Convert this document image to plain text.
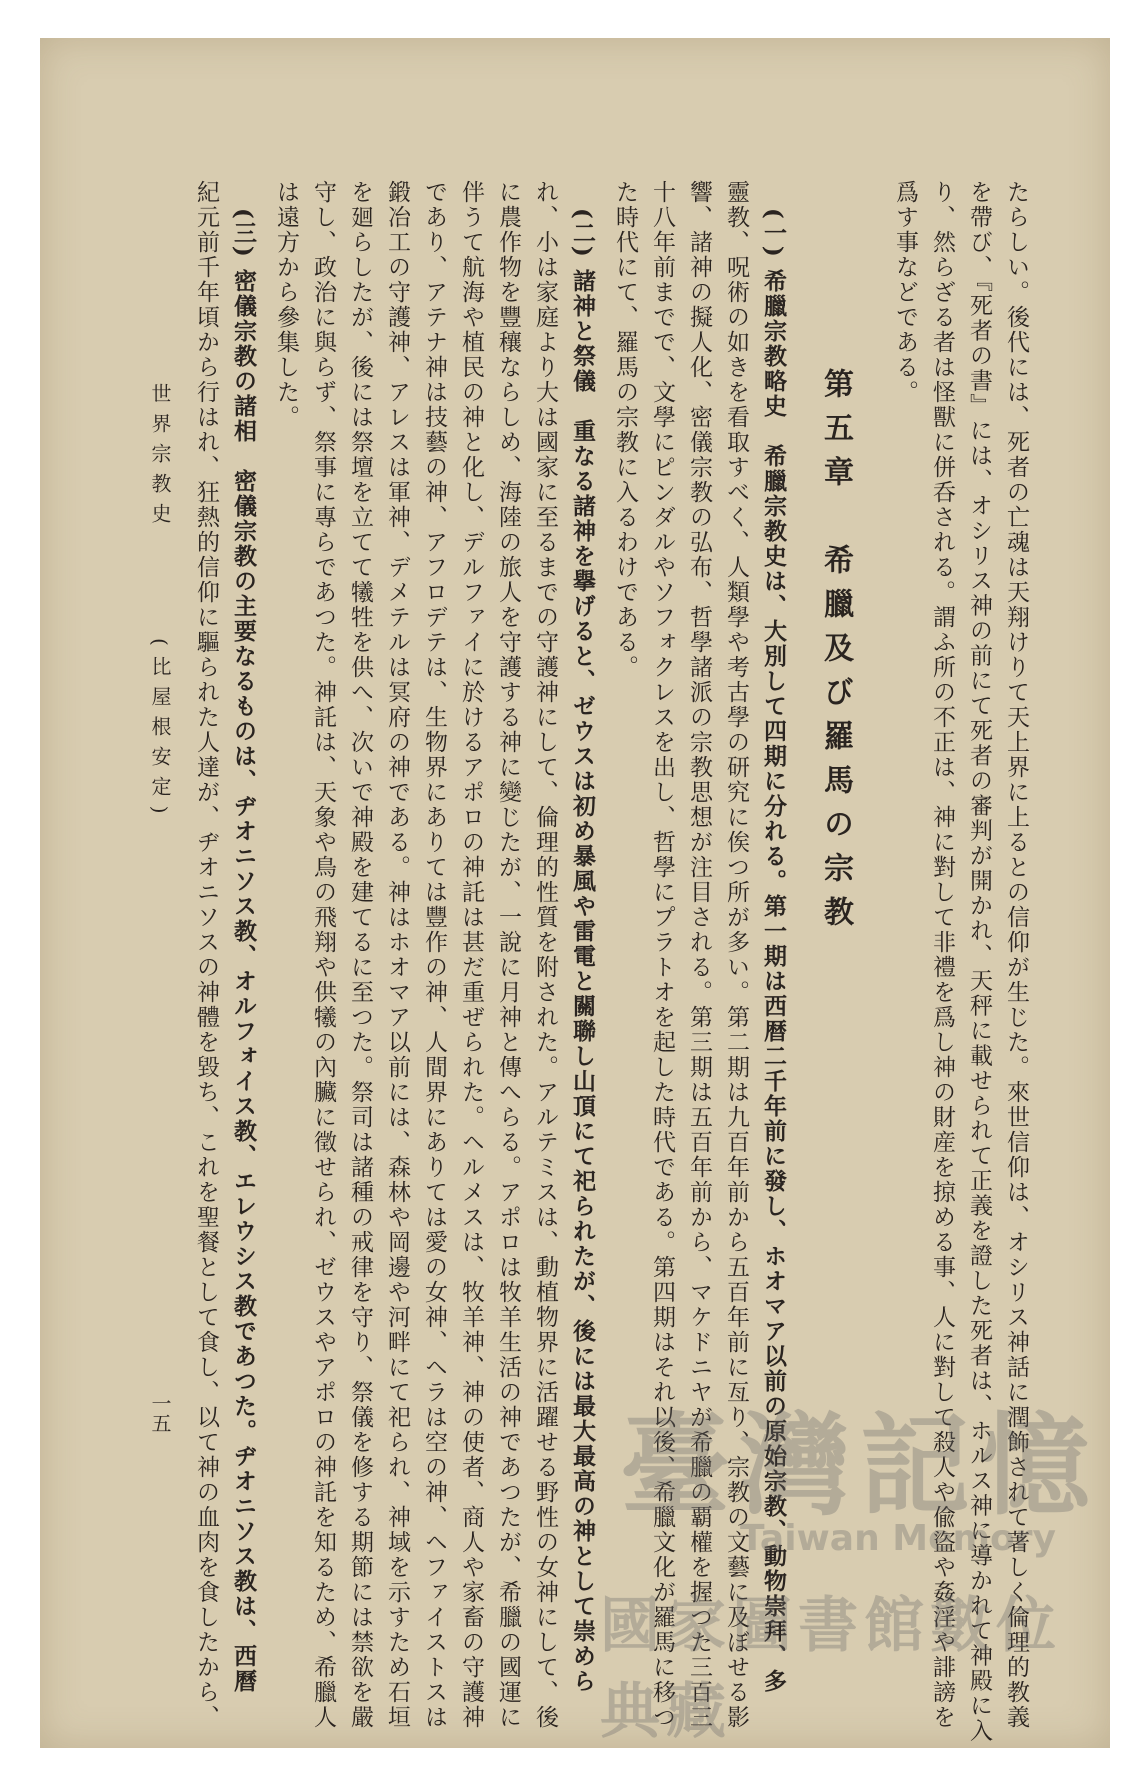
たらしい。後代には、死者の亡魂は天翔けりて天上界に上るとの信仰が生じた。來世信仰は、オシリス神話に潤飾されて著しく倫理的教義
を帶び、『死者の書』には、オシリス神の前にて死者の審判が開かれ、天秤に載せられて正義を證した死者は、ホルス神に導かれて神殿に入
り、然らざる者は怪獸に併呑される。謂ふ所の不正は、神に對して非禮を爲し神の財産を掠める事、人に對して殺人や偸盜や姦淫や誹謗を
爲す事などである。
第五章　希臘及び羅馬の宗教
(一) 希臘宗教略史　希臘宗教史は、大別して四期に分れる。第一期は西暦二千年前に發し、ホオマア以前の原始宗教、動物崇拜、多
靈教、呪術の如きを看取すべく、人類學や考古學の研究に俟つ所が多い。第二期は九百年前から五百年前に亙り、宗教の文藝に及ぼせる影
響、諸神の擬人化、密儀宗教の弘布、哲學諸派の宗教思想が注目される。第三期は五百年前から、マケドニヤが希臘の覇權を握つた三百三
十八年前までで、文學にピンダルやソフォクレスを出し、哲學にプラトオを起した時代である。第四期はそれ以後、希臘文化が羅馬に移つ
た時代にて、羅馬の宗教に入るわけである。
(二) 諸神と祭儀　重なる諸神を擧げると、ゼウスは初め暴風や雷電と關聯し山頂にて祀られたが、後には最大最高の神として崇めら
れ、小は家庭より大は國家に至るまでの守護神にして、倫理的性質を附された。アルテミスは、動植物界に活躍せる野性の女神にして、後
に農作物を豐穰ならしめ、海陸の旅人を守護する神に變じたが、一說に月神と傳へらる。アポロは牧羊生活の神であつたが、希臘の國運に
伴うて航海や植民の神と化し、デルファイに於けるアポロの神託は甚だ重ぜられた。ヘルメスは、牧羊神、神の使者、商人や家畜の守護神
であり、アテナ神は技藝の神、アフロデテは、生物界にありては豐作の神、人間界にありては愛の女神、ヘラは空の神、ヘファイストスは
鍛冶工の守護神、アレスは軍神、デメテルは冥府の神である。神はホオマア以前には、森林や岡邊や河畔にて祀られ、神域を示すため石垣
を廻らしたが、後には祭壇を立てて犧牲を供へ、次いで神殿を建てるに至つた。祭司は諸種の戒律を守り、祭儀を修する期節には禁欲を嚴
守し、政治に與らず、祭事に專らであつた。神託は、天象や鳥の飛翔や供犧の內臟に徵せられ、ゼウスやアポロの神託を知るため、希臘人
は遠方から參集した。
(三) 密儀宗教の諸相　密儀宗教の主要なるものは、ヂオニソス教、オルフォイス教、エレウシス教であつた。ヂオニソス教は、西曆
紀元前千年頃から行はれ、狂熱的信仰に驅られた人達が、ヂオニソスの神體を毀ち、これを聖餐として食し、以て神の血肉を食したから、
世界宗教史
(比屋根安定)
一五	臺灣記憶
Taiwan Memory
國家圖書館數位典藏
